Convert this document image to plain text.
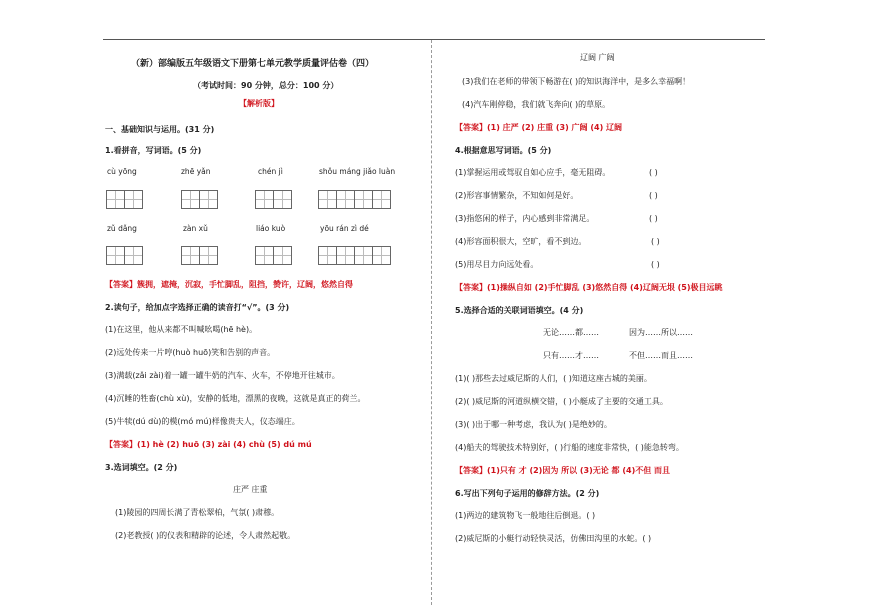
（新）部编版五年级语文下册第七单元教学质量评估卷（四）
（考试时间：90 分钟，总分：100 分）
【解析版】
一、基础知识与运用。(31 分)
1.看拼音，写词语。(5 分)
cù yōng	zhē yǎn	chén jì	shǒu máng jiǎo luàn
zǔ dǎng	zàn xǔ	liáo kuò	yōu rán zì dé
【答案】簇拥，遮掩，沉寂，手忙脚乱，阻挡，赞许，辽阔，悠然自得
2.读句子，给加点字选择正确的读音打“√”。(3 分)
(1)在这里，他从来都不叫喊吆喝(hē hè)。
(2)远处传来一片哼(huò huō)笑和告别的声音。
(3)满载(zǎi zài)着一罐一罐牛奶的汽车、火车，不停地开往城市。
(4)沉睡的牲畜(chù xù)，安静的低地，漂黑的夜晚，这就是真正的荷兰。
(5)牛犊(dú dù)的模(mó mú)样像贵夫人，仪态端庄。
【答案】(1) hè (2) huō (3) zài (4) chù (5) dú mú
3.选词填空。(2 分)
庄严 庄重
(1)陵园的四周长满了青松翠柏，气氛( )肃穆。
(2)老教授( )的仪表和精辟的论述，令人肃然起敬。
辽阔 广阔
(3)我们在老师的带领下畅游在( )的知识海洋中，是多么幸福啊！
(4)汽车刚停稳，我们就飞奔向( )的草原。
【答案】(1) 庄严 (2) 庄重 (3) 广阔 (4) 辽阔
4.根据意思写词语。(5 分)
(1)掌握运用或驾驭自如心应手，毫无阻碍。	( )
(2)形容事情繁杂，不知如何是好。	( )
(3)指悠闲的样子，内心感到非常满足。	( )
(4)形容面积很大，空旷，看不到边。	( )
(5)用尽目力向远处看。	( )
【答案】(1)操纵自如 (2)手忙脚乱 (3)悠然自得 (4)辽阔无垠 (5)极目远眺
5.选择合适的关联词语填空。(4 分)
无论……都……	因为……所以……
只有……才……	不但……而且……
(1)( )那些去过威尼斯的人们，( )知道这座古城的美丽。
(2)( )威尼斯的河道纵横交错，( )小艇成了主要的交通工具。
(3)( )出于哪一种考虑，我认为( )是绝妙的。
(4)船夫的驾驶技术特别好，( )行船的速度非常快，( )能急转弯。
【答案】(1)只有 才 (2)因为 所以 (3)无论 都 (4)不但 而且
6.写出下列句子运用的修辞方法。(2 分)
(1)两边的建筑物飞一般地往后倒退。( )
(2)威尼斯的小艇行动轻快灵活，仿佛田沟里的水蛇。( )
